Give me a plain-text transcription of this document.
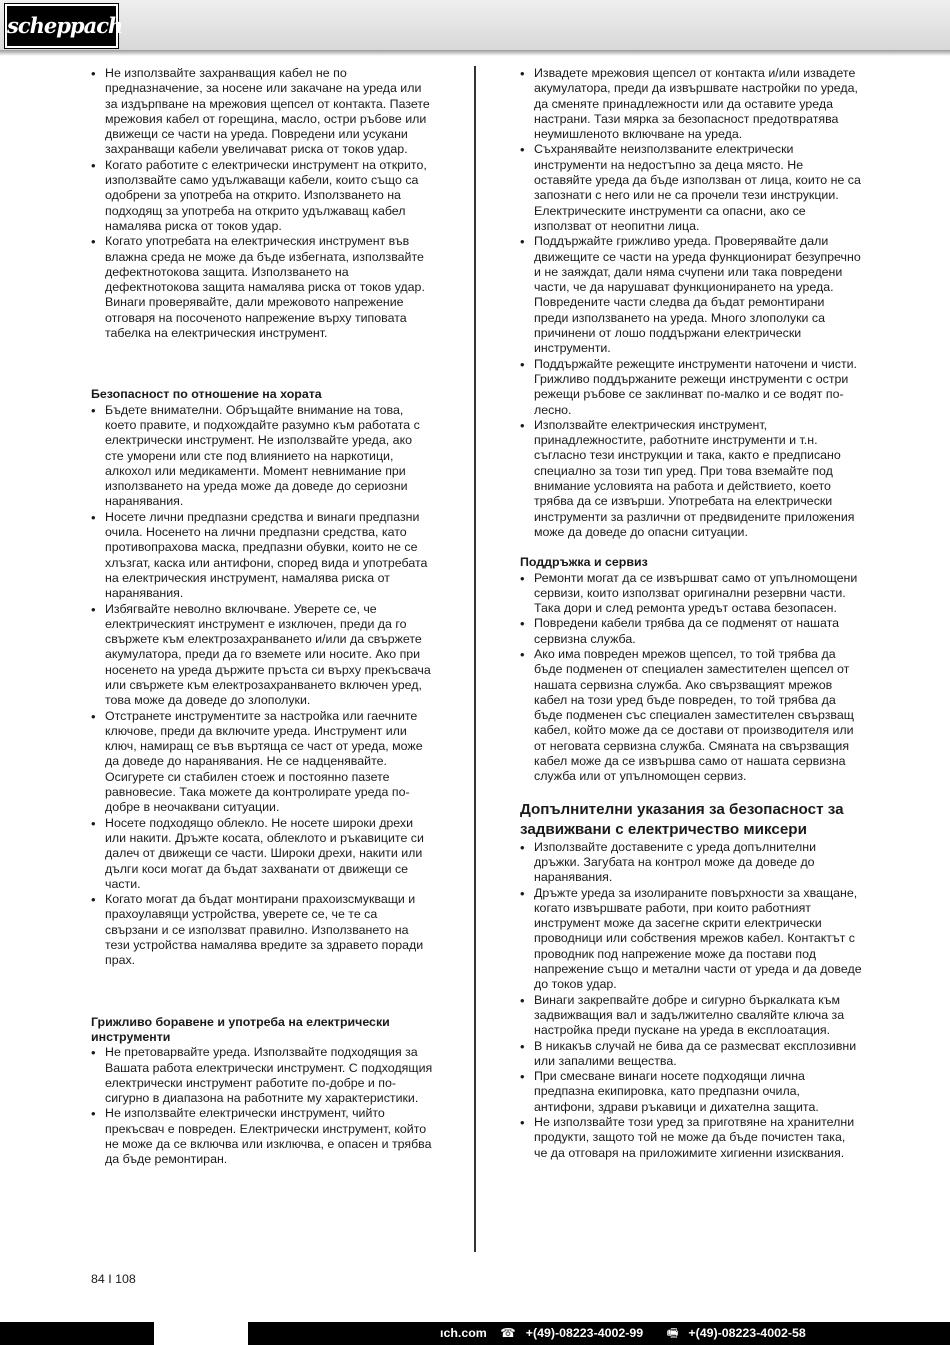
scheppach
• Не използвайте захранващия кабел не по предназначение, за носене или закачане на уреда или за издърпване на мрежовия щепсел от контакта. Пазете мрежовия кабел от горещина, масло, остри ръбове или движещи се части на уреда. Повредени или усукани захранващи кабели увеличават риска от токов удар.
• Когато работите с електрически инструмент на открито, използвайте само удължаващи кабели, които също са одобрени за употреба на открито. Използването на подходящ за употреба на открито удължаващ кабел намалява риска от токов удар.
• Когато употребата на електрическия инструмент във влажна среда не може да бъде избегната, използвайте дефектнотокова защита. Използването на дефектнотокова защита намалява риска от токов удар. Винаги проверявайте, дали мрежовото напрежение отговаря на посоченото напрежение върху типовата табелка на електрическия инструмент.

Безопасност по отношение на хората

• Бъдете внимателни. Обръщайте внимание на това, което правите, и подхождайте разумно към работата с електрически инструмент. Не използвайте уреда, ако сте уморени или сте под влиянието на наркотици, алкохол или медикаменти. Момент невнимание при използването на уреда може да доведе до сериозни наранявания.
• Носете лични предпазни средства и винаги предпазни очила. Носенето на лични предпазни средства, като противопрахова маска, предпазни обувки, които не се хлъзгат, каска или антифони, според вида и употребата на електрическия инструмент, намалява риска от наранявания.
• Избягвайте неволно включване. Уверете се, че електрическият инструмент е изключен, преди да го свържете към електрозахранването и/или да свържете акумулатора, преди да го вземете или носите. Ако при носенето на уреда държите пръста си върху прекъсвача или свържете към електрозахранването включен уред, това може да доведе до злополуки.
• Отстранете инструментите за настройка или гаечните ключове, преди да включите уреда. Инструмент или ключ, намиращ се във въртяща се част от уреда, може да доведе до наранявания. Не се надценявайте. Осигурете си стабилен стоеж и постоянно пазете равновесие. Така можете да контролирате уреда по-добре в неочаквани ситуации.
• Носете подходящо облекло. Не носете широки дрехи или накити. Дръжте косата, облеклото и ръкавиците си далеч от движещи се части. Широки дрехи, накити или дълги коси могат да бъдат захванати от движещи се части.
• Когато могат да бъдат монтирани прахоизсмукващи и прахоулавящи устройства, уверете се, че те са свързани и се използват правилно. Използването на тези устройства намалява вредите за здравето поради прах.

Грижливо боравене и употреба на електрически инструменти

• Не претоварвайте уреда. Използвайте подходящия за Вашата работа електрически инструмент. С подходящия електрически инструмент работите по-добре и по-сигурно в диапазона на работните му характеристики.
• Не използвайте електрически инструмент, чийто прекъсвач е повреден. Електрически инструмент, който не може да се включва или изключва, е опасен и трябва да бъде ремонтиран.
• Извадете мрежовия щепсел от контакта и/или извадете акумулатора, преди да извършвате настройки по уреда, да сменяте принадлежности или да оставите уреда настрани. Тази мярка за безопасност предотвратява неумишленото включване на уреда.
• Съхранявайте неизползваните електрически инструменти на недостъпно за деца място. Не оставяйте уреда да бъде използван от лица, които не са запознати с него или не са прочели тези инструкции. Електрическите инструменти са опасни, ако се използват от неопитни лица.
• Поддържайте грижливо уреда. Проверявайте дали движещите се части на уреда функционират безупречно и не заяждат, дали няма счупени или така повредени части, че да нарушават функционирането на уреда. Повредените части следва да бъдат ремонтирани преди използването на уреда. Много злополуки са причинени от лошо поддържани електрически инструменти.
• Поддържайте режещите инструменти наточени и чисти. Грижливо поддържаните режещи инструменти с остри режещи ръбове се заклинват по-малко и се водят по-лесно.
• Използвайте електрическия инструмент, принадлежностите, работните инструменти и т.н. съгласно тези инструкции и така, както е предписано специално за този тип уред. При това вземайте под внимание условията на работа и действието, което трябва да се извърши. Употребата на електрически инструменти за различни от предвидените приложения може да доведе до опасни ситуации.

Поддръжка и сервиз

• Ремонти могат да се извършват само от упълномощени сервизи, които използват оригинални резервни части. Така дори и след ремонта уредът остава безопасен.
• Повредени кабели трябва да се подменят от нашата сервизна служба.
• Ако има повреден мрежов щепсел, то той трябва да бъде подменен от специален заместителен щепсел от нашата сервизна служба. Ако свързващият мрежов кабел на този уред бъде повреден, то той трябва да бъде подменен със специален заместителен свързващ кабел, който може да се достави от производителя или от неговата сервизна служба. Смяната на свързващия кабел може да се извършва само от нашата сервизна служба или от упълномощен сервиз.

Допълнителни указания за безопасност за задвижвани с електричество миксери

• Използвайте доставените с уреда допълнителни дръжки. Загубата на контрол може да доведе до наранявания.
• Дръжте уреда за изолираните повърхности за хващане, когато извършвате работи, при които работният инструмент може да засегне скрити електрически проводници или собствения мрежов кабел. Контактът с проводник под напрежение може да постави под напрежение също и метални части от уреда и да доведе до токов удар.
• Винаги закрепвайте добре и сигурно бъркалката към задвижващия вал и задължително сваляйте ключа за настройка преди пускане на уреда в експлоатация.
• В никакъв случай не бива да се размесват експлозивни или запалими вещества.
• При смесване винаги носете подходящи лична предпазна екипировка, като предпазни очила, антифони, здрави ръкавици и дихателна защита.
• Не използвайте този уред за приготвяне на хранителни продукти, защото той не може да бъде почистен така, че да отговаря на приложимите хигиенни изисквания.
84 I 108
ıch.com ☎ +(49)-08223-4002-99 🖷 +(49)-08223-4002-58
